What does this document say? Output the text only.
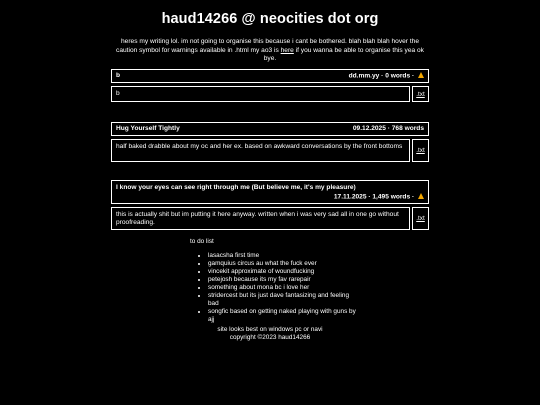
haud14266 @ neocities dot org
heres my writing lol. im not going to organise this because i cant be bothered. blah blah blah hover the caution symbol for warnings available in .html my ao3 is here if you wanna be able to organise this yea ok bye.
b	dd.mm.yy · 0 words ·
b	.txt
Hug Yourself Tightly	09.12.2025 · 768 words
half baked drabble about my oc and her ex. based on awkward conversations by the front bottoms
.txt
I know your eyes can see right through me (But believe me, it's my pleasure)
17.11.2025 · 1,495 words ·
this is actually shit but im putting it here anyway. written when i was very sad all in one go without proofreading.
.txt
to do list
• lasacsha first time
• gamquius circus au what the fuck ever
• vincekit approximate of woundfucking
• petejosh because its my fav rarepair
• something about mona bc i love her
• stridercest but its just dave fantasizing and feeling bad
• songfic based on getting naked playing with guns by ajj
site looks best on windows pc or navi
copyright ©2023 haud14266
